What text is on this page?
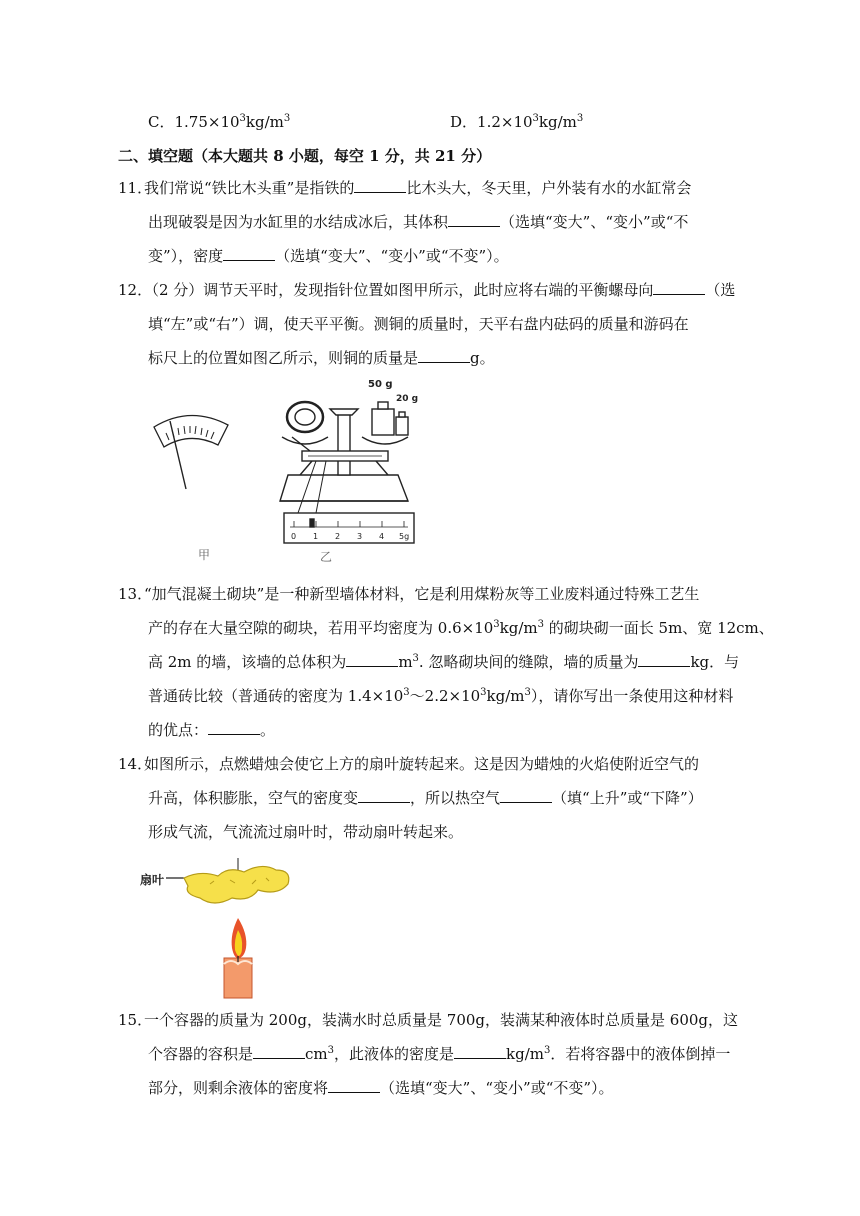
C．$1.75\times 10^3kg/m^3$	D．$1.2\times 10^3kg/m^3$
二、填空题（本大题共 8 小题，每空 1 分，共 21 分）
11．我们常说“铁比木头重”是指铁的	比木头大，冬天里，户外装有水的水缸常会
出现破裂是因为水缸里的水结成冰后，其体积	（选填“变大”、“变小”或“不
变”），密度	（选填“变大”、“变小”或“不变”）。
12．（2 分）调节天平时，发现指针位置如图甲所示，此时应将右端的平衡螺母向	（选
填“左”或“右”）调，使天平平衡。测铜的质量时，天平右盘内砝码的质量和游码在
标尺上的位置如图乙所示，则铜的质量是	g。
甲
0 1 2 3 4 5g
50 g
20 g
乙
13．“加气混凝土砌块”是一种新型墙体材料，它是利用煤粉灰等工业废料通过特殊工艺生
产的存在大量空隙的砌块，若用平均密度为 $0.6\times 10^3kg/m^3$ 的砌块砌一面长 5m、宽 12cm、
高 2m 的墙，该墙的总体积为	$m^3$. 忽略砌块间的缝隙，墙的质量为	kg．与
普通砖比较（普通砖的密度为 $1.4\times 10^3\sim 2.2\times 10^3kg/m^3$），请你写出一条使用这种材料
的优点：	。
14．如图所示，点燃蜡烛会使它上方的扇叶旋转起来。这是因为蜡烛的火焰使附近空气的
升高，体积膨胀，空气的密度变	，所以热空气	（填“上升”或“下降”）
形成气流，气流流过扇叶时，带动扇叶转起来。
扇叶
15．一个容器的质量为 200g，装满水时总质量是 700g，装满某种液体时总质量是 600g，这
个容器的容积是	$cm^3$，此液体的密度是	$kg/m^3$．若将容器中的液体倒掉一
部分，则剩余液体的密度将	（选填“变大”、“变小”或“不变”）。
